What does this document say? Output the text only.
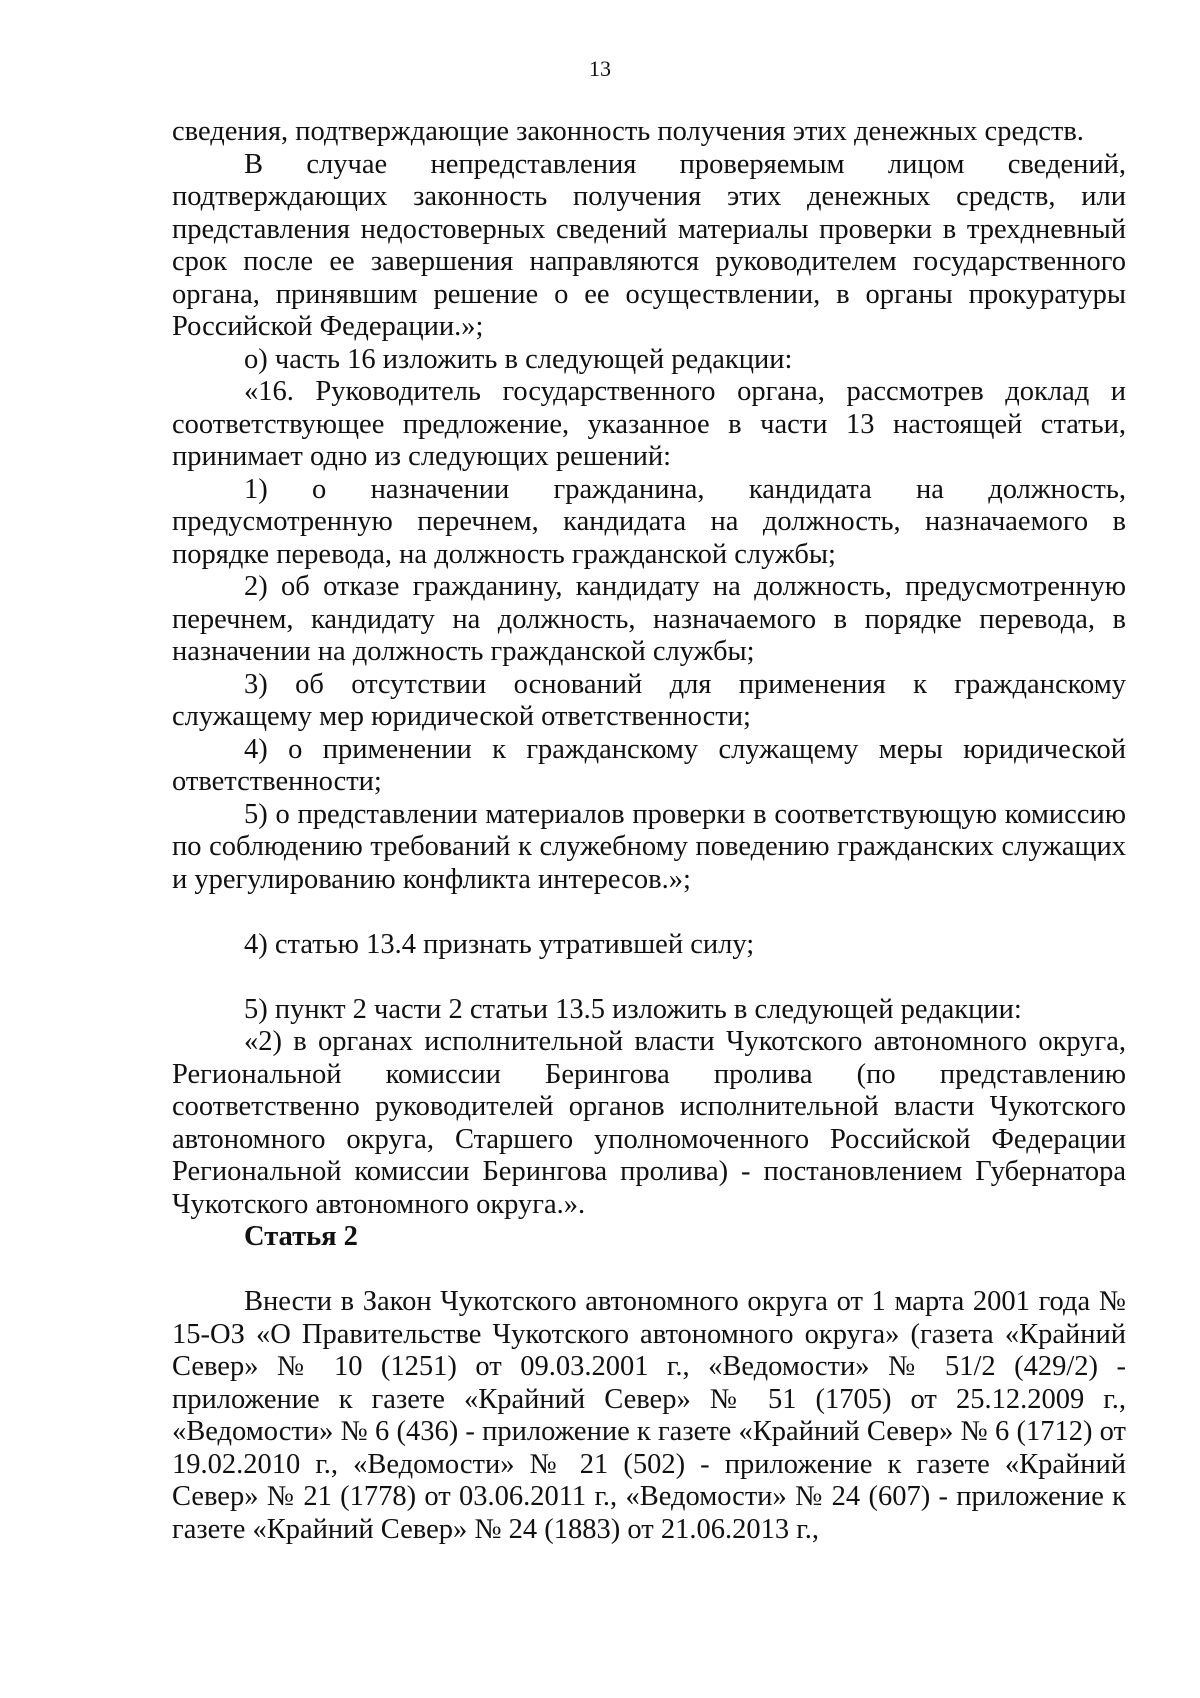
13

сведения, подтверждающие законность получения этих денежных средств.

В случае непредставления проверяемым лицом сведений, подтверждающих законность получения этих денежных средств, или представления недостоверных сведений материалы проверки в трехдневный срок после ее завершения направляются руководителем государственного органа, принявшим решение о ее осуществлении, в органы прокуратуры Российской Федерации.»;

о) часть 16 изложить в следующей редакции:

«16. Руководитель государственного органа, рассмотрев доклад и соответствующее предложение, указанное в части 13 настоящей статьи, принимает одно из следующих решений:

1) о назначении гражданина, кандидата на должность, предусмотренную перечнем, кандидата на должность, назначаемого в порядке перевода, на должность гражданской службы;

2) об отказе гражданину, кандидату на должность, предусмотренную перечнем, кандидату на должность, назначаемого в порядке перевода, в назначении на должность гражданской службы;

3) об отсутствии оснований для применения к гражданскому служащему мер юридической ответственности;

4) о применении к гражданскому служащему меры юридической ответственности;

5) о представлении материалов проверки в соответствующую комиссию по соблюдению требований к служебному поведению гражданских служащих и урегулированию конфликта интересов.»;

4) статью 13.4 признать утратившей силу;

5) пункт 2 части 2 статьи 13.5 изложить в следующей редакции:

«2) в органах исполнительной власти Чукотского автономного округа, Региональной комиссии Берингова пролива (по представлению соответственно руководителей органов исполнительной власти Чукотского автономного округа, Старшего уполномоченного Российской Федерации Региональной комиссии Берингова пролива) - постановлением Губернатора Чукотского автономного округа.».

Статья 2

Внести в Закон Чукотского автономного округа от 1 марта 2001 года № 15-ОЗ «О Правительстве Чукотского автономного округа» (газета «Крайний Север» № 10 (1251) от 09.03.2001 г., «Ведомости» № 51/2 (429/2) - приложение к газете «Крайний Север» № 51 (1705) от 25.12.2009 г., «Ведомости» № 6 (436) - приложение к газете «Крайний Север» № 6 (1712) от 19.02.2010 г., «Ведомости» № 21 (502) - приложение к газете «Крайний Север» № 21 (1778) от 03.06.2011 г., «Ведомости» № 24 (607) - приложение к газете «Крайний Север» № 24 (1883) от 21.06.2013 г.,
